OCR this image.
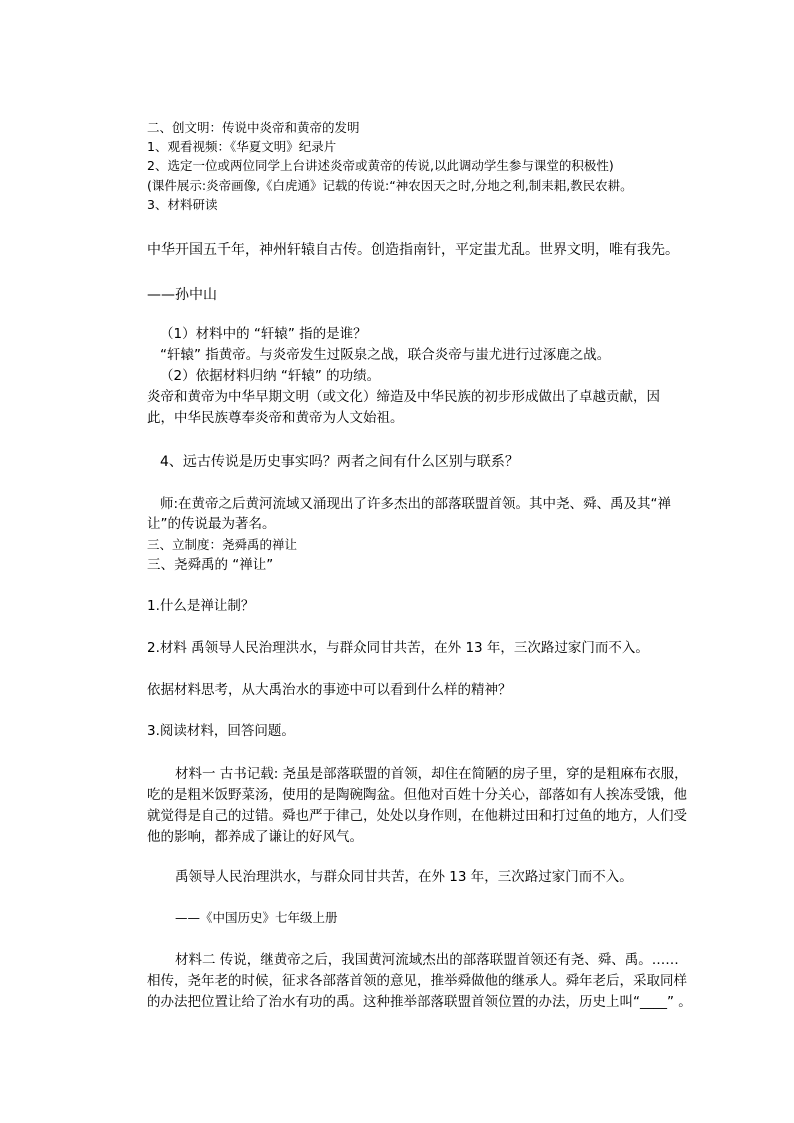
二、创文明：传说中炎帝和黄帝的发明
1、观看视频：《华夏文明》纪录片
2、选定一位或两位同学上台讲述炎帝或黄帝的传说,以此调动学生参与课堂的积极性)
(课件展示:炎帝画像,《白虎通》记载的传说:“神农因天之时,分地之利,制耒耜,教民农耕。
3、材料研读
中华开国五千年，神州轩辕自古传。创造指南针，平定蚩尤乱。世界文明，唯有我先。
——孙中山
（1）材料中的 “轩辕” 指的是谁？
“轩辕” 指黄帝。与炎帝发生过阪泉之战，联合炎帝与蚩尤进行过涿鹿之战。
（2）依据材料归纳 “轩辕” 的功绩。
炎帝和黄帝为中华早期文明（或文化）缔造及中华民族的初步形成做出了卓越贡献，因
此，中华民族尊奉炎帝和黄帝为人文始祖。
4、远古传说是历史事实吗？两者之间有什么区别与联系？
师:在黄帝之后黄河流域又涌现出了许多杰出的部落联盟首领。其中尧、舜、禹及其“禅
让”的传说最为著名。
三、立制度：尧舜禹的禅让
三、尧舜禹的 “禅让”
1.什么是禅让制？
2.材料 禹领导人民治理洪水，与群众同甘共苦，在外 13 年，三次路过家门而不入。
依据材料思考，从大禹治水的事迹中可以看到什么样的精神？
3.阅读材料，回答问题。
材料一 古书记载: 尧虽是部落联盟的首领，却住在简陋的房子里，穿的是粗麻布衣服，
吃的是粗米饭野菜汤，使用的是陶碗陶盆。但他对百姓十分关心，部落如有人挨冻受饿，他
就觉得是自己的过错。舜也严于律己，处处以身作则，在他耕过田和打过鱼的地方，人们受
他的影响，都养成了谦让的好风气。
禹领导人民治理洪水，与群众同甘共苦，在外 13 年，三次路过家门而不入。
——《中国历史》七年级上册
材料二 传说，继黄帝之后，我国黄河流域杰出的部落联盟首领还有尧、舜、禹。……
相传，尧年老的时候，征求各部落首领的意见，推举舜做他的继承人。舜年老后，采取同样
的办法把位置让给了治水有功的禹。这种推举部落联盟首领位置的办法，历史上叫“____” 。
